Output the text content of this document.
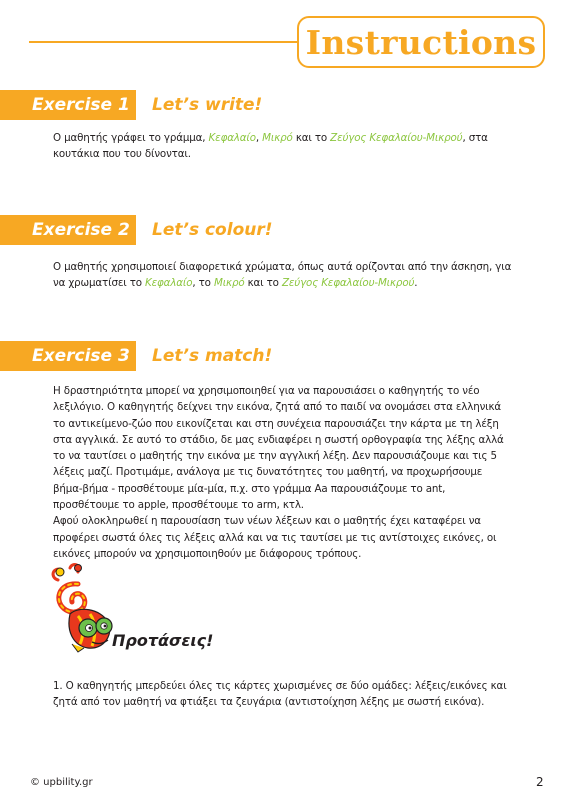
Instructions
Exercise 1 Let’s write!
Ο μαθητής γράφει το γράμμα, Κεφαλαίο, Μικρό και το Ζεύγος Κεφαλαίου-Μικρού, στα κουτάκια που του δίνονται.
Exercise 2 Let’s colour!
Ο μαθητής χρησιμοποιεί διαφορετικά χρώματα, όπως αυτά ορίζονται από την άσκηση, για να χρωματίσει το Κεφαλαίο, το Μικρό και το Ζεύγος Κεφαλαίου-Μικρού.
Exercise 3 Let’s match!
Η δραστηριότητα μπορεί να χρησιμοποιηθεί για να παρουσιάσει ο καθηγητής το νέο λεξιλόγιο. Ο καθηγητής δείχνει την εικόνα, ζητά από το παιδί να ονομάσει στα ελληνικά το αντικείμενο-ζώο που εικονίζεται και στη συνέχεια παρουσιάζει την κάρτα με τη λέξη στα αγγλικά. Σε αυτό το στάδιο, δε μας ενδιαφέρει η σωστή ορθογραφία της λέξης αλλά το να ταυτίσει ο μαθητής την εικόνα με την αγγλική λέξη. Δεν παρουσιάζουμε και τις 5 λέξεις μαζί. Προτιμάμε, ανάλογα με τις δυνατότητες του μαθητή, να προχωρήσουμε βήμα-βήμα - προσθέτουμε μία-μία, π.χ. στο γράμμα Aa παρουσιάζουμε το ant, προσθέτουμε το apple, προσθέτουμε το arm, κτλ.
Αφού ολοκληρωθεί η παρουσίαση των νέων λέξεων και ο μαθητής έχει καταφέρει να προφέρει σωστά όλες τις λέξεις αλλά και να τις ταυτίσει με τις αντίστοιχες εικόνες, οι εικόνες μπορούν να χρησιμοποιηθούν με διάφορους τρόπους.
Προτάσεις!
1. Ο καθηγητής μπερδεύει όλες τις κάρτες χωρισμένες σε δύο ομάδες: λέξεις/εικόνες και ζητά από τον μαθητή να φτιάξει τα ζευγάρια (αντιστοίχηση λέξης με σωστή εικόνα).
© upbility.gr	2
